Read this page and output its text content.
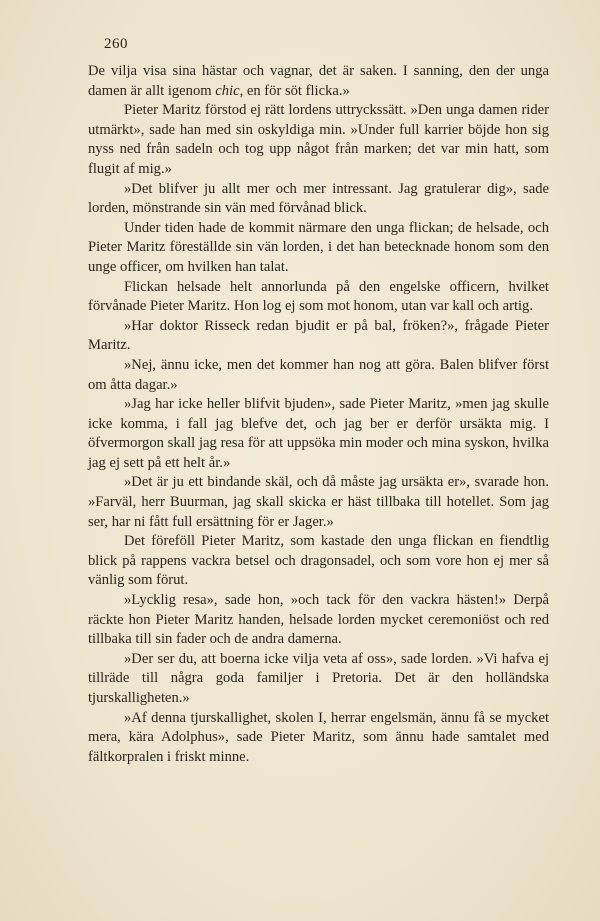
260

De vilja visa sina hästar och vagnar, det är saken. I sanning, den der unga damen är allt igenom chic, en för söt flicka.»

Pieter Maritz förstod ej rätt lordens uttryckssätt. »Den unga damen rider utmärkt», sade han med sin oskyldiga min. »Under full karrier böjde hon sig nyss ned från sadeln och tog upp något från marken; det var min hatt, som flugit af mig.»

»Det blifver ju allt mer och mer intressant. Jag gratulerar dig», sade lorden, mönstrande sin vän med förvånad blick.

Under tiden hade de kommit närmare den unga flickan; de helsade, och Pieter Maritz föreställde sin vän lorden, i det han betecknade honom som den unge officer, om hvilken han talat.

Flickan helsade helt annorlunda på den engelske officern, hvilket förvånade Pieter Maritz. Hon log ej som mot honom, utan var kall och artig.

»Har doktor Risseck redan bjudit er på bal, fröken?», frågade Pieter Maritz.

»Nej, ännu icke, men det kommer han nog att göra. Balen blifver först om åtta dagar.»

»Jag har icke heller blifvit bjuden», sade Pieter Maritz, »men jag skulle icke komma, i fall jag blefve det, och jag ber er derför ursäkta mig. I öfvermorgon skall jag resa för att uppsöka min moder och mina syskon, hvilka jag ej sett på ett helt år.»

»Det är ju ett bindande skäl, och då måste jag ursäkta er», svarade hon. »Farväl, herr Buurman, jag skall skicka er häst tillbaka till hotellet. Som jag ser, har ni fått full ersättning för er Jager.»

Det föreföll Pieter Maritz, som kastade den unga flickan en fiendtlig blick på rappens vackra betsel och dragonsadel, och som vore hon ej mer så vänlig som förut.

»Lycklig resa», sade hon, »och tack för den vackra hästen!» Derpå räckte hon Pieter Maritz handen, helsade lorden mycket ceremoniöst och red tillbaka till sin fader och de andra damerna.

»Der ser du, att boerna icke vilja veta af oss», sade lorden. »Vi hafva ej tillräde till några goda familjer i Pretoria. Det är den holländska tjurskalligheten.»

»Af denna tjurskallighet, skolen I, herrar engelsmän, ännu få se mycket mera, kära Adolphus», sade Pieter Maritz, som ännu hade samtalet med fältkorpralen i friskt minne.
